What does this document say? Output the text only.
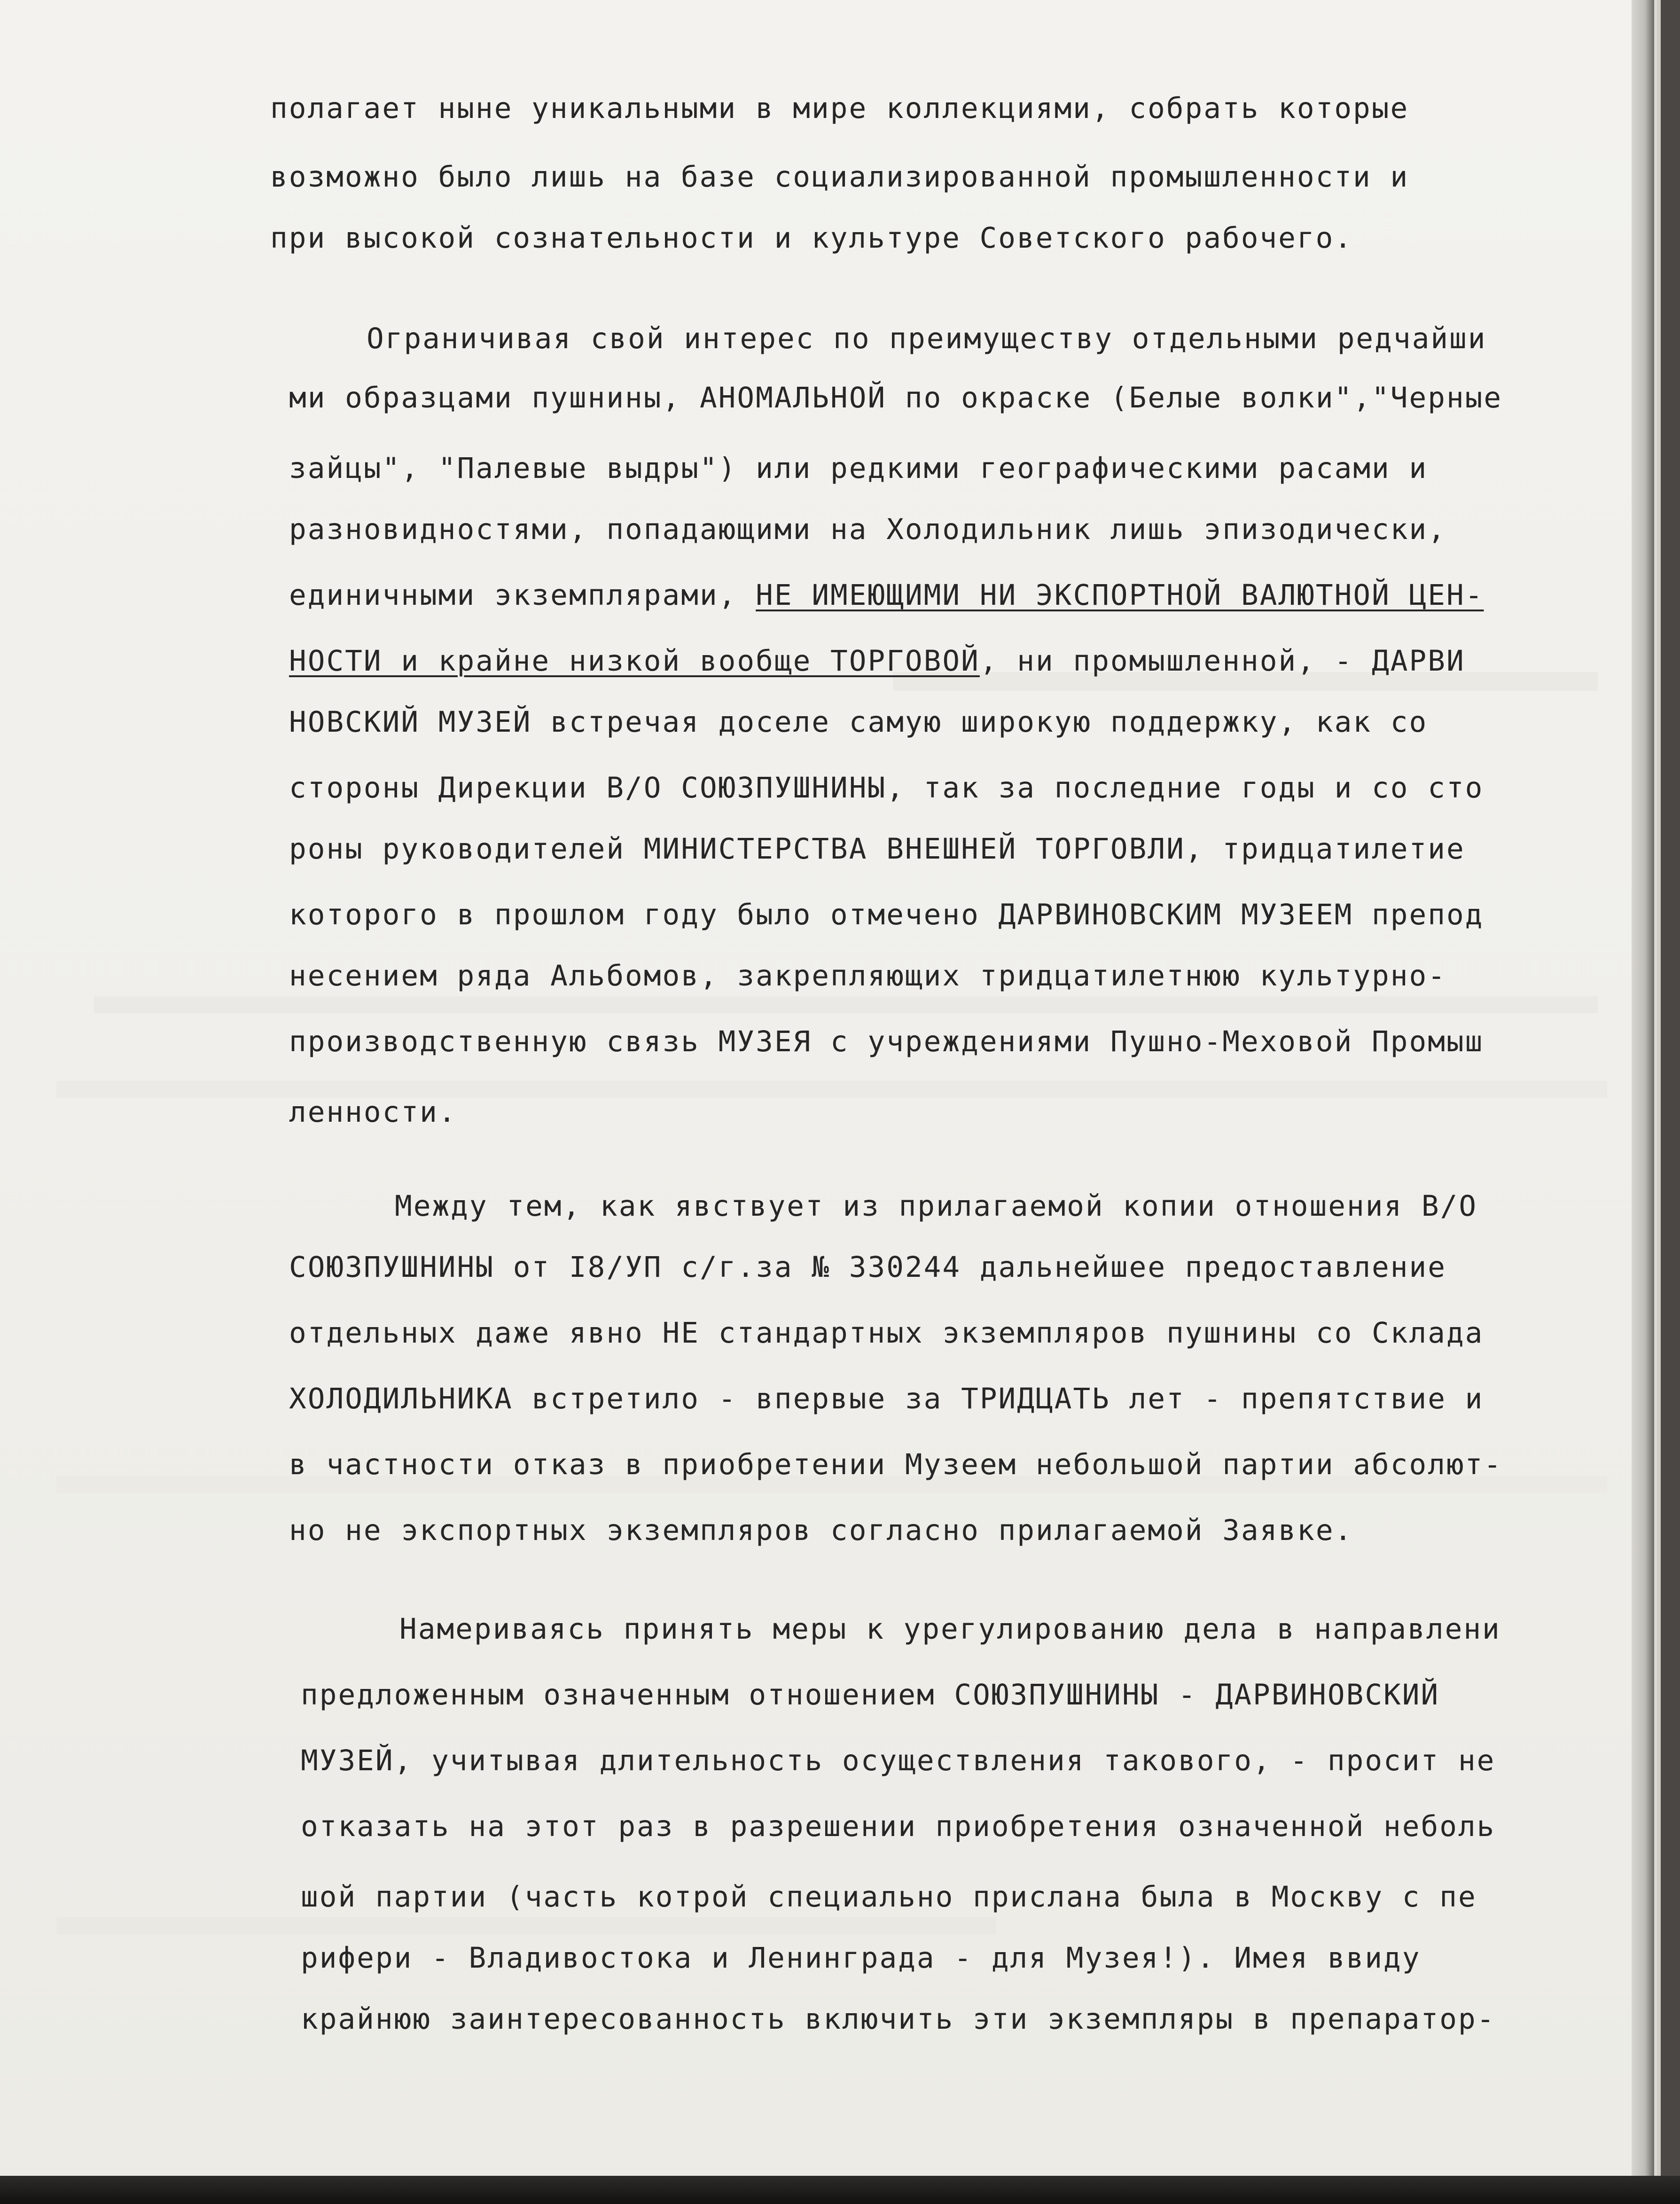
полагает ныне уникальными в мире коллекциями, собрать которые
возможно было лишь на базе социализированной промышленности и
при высокой сознательности и культуре Советского рабочего.
Ограничивая свой интерес по преимуществу отдельными редчайши
ми образцами пушнины, АНОМАЛЬНОЙ по окраске (Белые волки","Черные
зайцы", "Палевые выдры") или редкими географическими расами и
разновидностями, попадающими на Холодильник лишь эпизодически,
единичными экземплярами, НЕ ИМЕЮЩИМИ НИ ЭКСПОРТНОЙ ВАЛЮТНОЙ ЦЕН-
НОСТИ и крайне низкой вообще ТОРГОВОЙ, ни промышленной, - ДАРВИ
НОВСКИЙ МУЗЕЙ встречая доселе самую широкую поддержку, как со
стороны Дирекции В/О СОЮЗПУШНИНЫ, так за последние годы и со сто
роны руководителей МИНИСТЕРСТВА ВНЕШНЕЙ ТОРГОВЛИ, тридцатилетие
которого в прошлом году было отмечено ДАРВИНОВСКИМ МУЗЕЕМ препод
несением ряда Альбомов, закрепляющих тридцатилетнюю культурно-
производственную связь МУЗЕЯ с учреждениями Пушно-Меховой Промыш
ленности.
Между тем, как явствует из прилагаемой копии отношения В/О
СОЮЗПУШНИНЫ от I8/УП с/г.за № 330244 дальнейшее предоставление
отдельных даже явно НЕ стандартных экземпляров пушнины со Склада
ХОЛОДИЛЬНИКА встретило - впервые за ТРИДЦАТЬ лет - препятствие и
в частности отказ в приобретении Музеем небольшой партии абсолют-
но не экспортных экземпляров согласно прилагаемой Заявке.
Намериваясь принять меры к урегулированию дела в направлени
предложенным означенным отношением СОЮЗПУШНИНЫ - ДАРВИНОВСКИЙ
МУЗЕЙ, учитывая длительность осуществления такового, - просит не
отказать на этот раз в разрешении приобретения означенной неболь
шой партии (часть котрой специально прислана была в Москву с пе
рифери - Владивостока и Ленинграда - для Музея!). Имея ввиду
крайнюю заинтересованность включить эти экземпляры в препаратор-
